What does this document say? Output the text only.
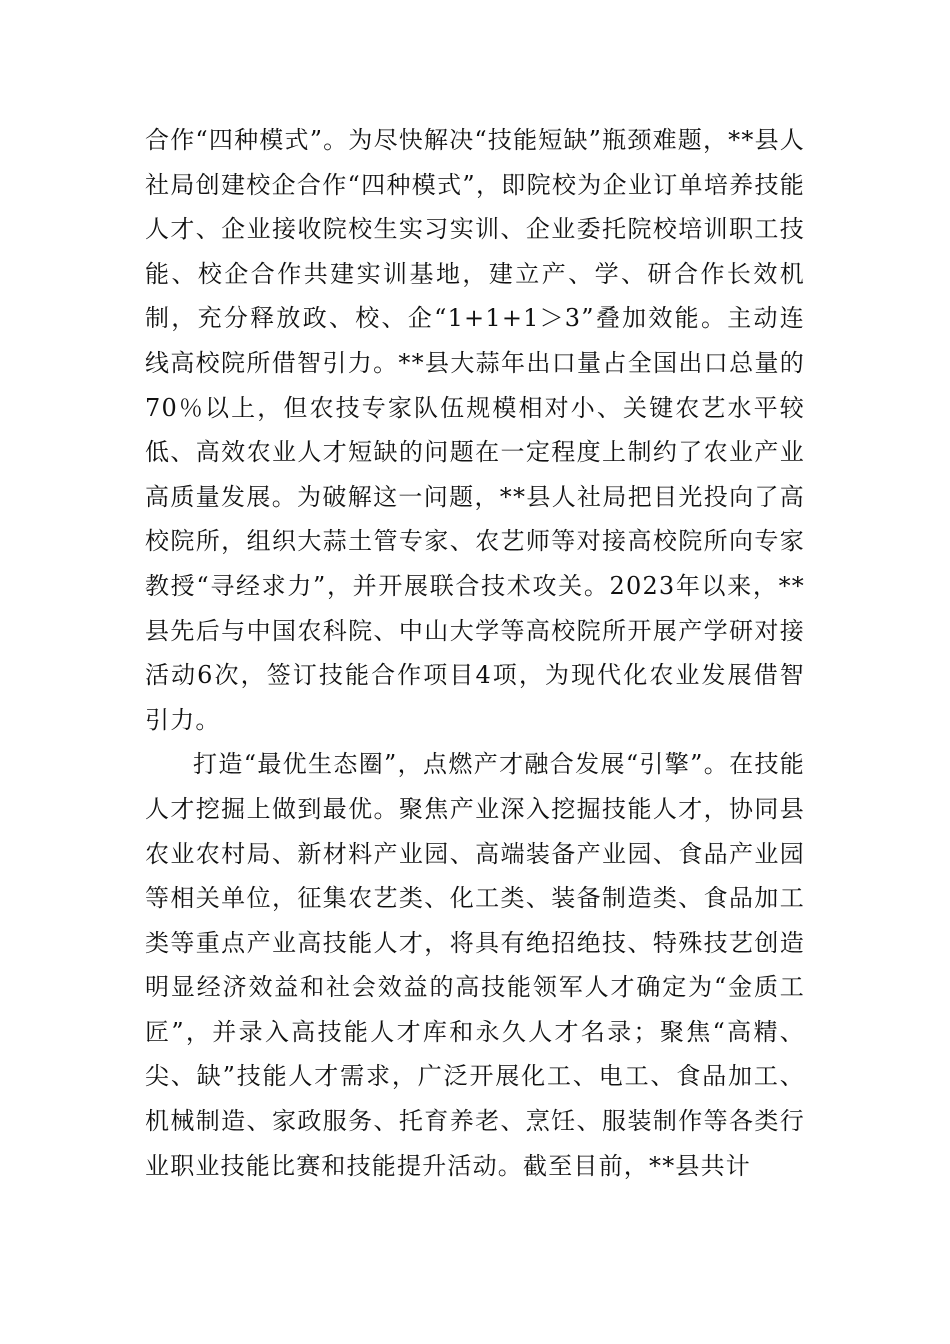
合作“四种模式”。为尽快解决“技能短缺”瓶颈难题，**县人社局创建校企合作“四种模式”，即院校为企业订单培养技能人才、企业接收院校生实习实训、企业委托院校培训职工技能、校企合作共建实训基地，建立产、学、研合作长效机制，充分释放政、校、企“1+1+1＞3”叠加效能。主动连线高校院所借智引力。**县大蒜年出口量占全国出口总量的70％以上，但农技专家队伍规模相对小、关键农艺水平较低、高效农业人才短缺的问题在一定程度上制约了农业产业高质量发展。为破解这一问题，**县人社局把目光投向了高校院所，组织大蒜土管专家、农艺师等对接高校院所向专家教授“寻经求力”，并开展联合技术攻关。2023年以来，**县先后与中国农科院、中山大学等高校院所开展产学研对接活动6次，签订技能合作项目4项，为现代化农业发展借智引力。

打造“最优生态圈”，点燃产才融合发展“引擎”。在技能人才挖掘上做到最优。聚焦产业深入挖掘技能人才，协同县农业农村局、新材料产业园、高端装备产业园、食品产业园等相关单位，征集农艺类、化工类、装备制造类、食品加工类等重点产业高技能人才，将具有绝招绝技、特殊技艺创造明显经济效益和社会效益的高技能领军人才确定为“金质工匠”，并录入高技能人才库和永久人才名录；聚焦“高精、尖、缺”技能人才需求，广泛开展化工、电工、食品加工、机械制造、家政服务、托育养老、烹饪、服装制作等各类行业职业技能比赛和技能提升活动。截至目前，**县共计
